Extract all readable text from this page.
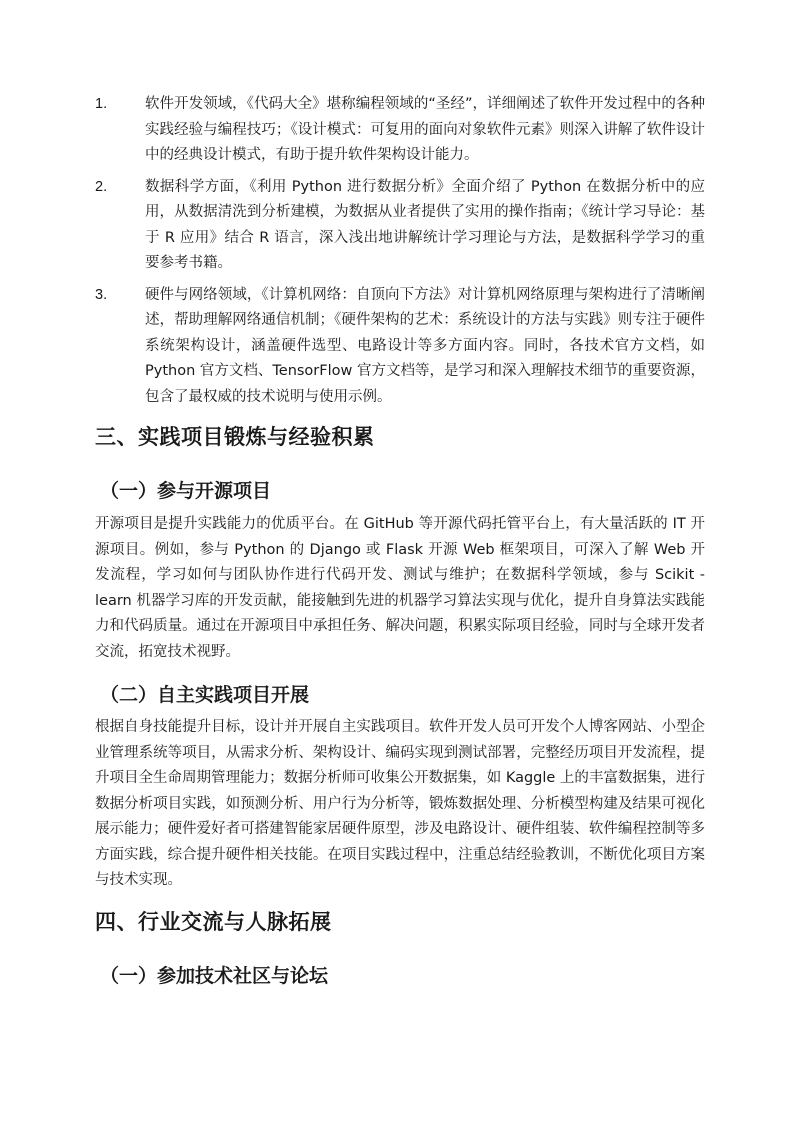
1.	软件开发领域，《代码大全》堪称编程领域的“圣经”，详细阐述了软件开发过程中的各种实践经验与编程技巧；《设计模式：可复用的面向对象软件元素》则深入讲解了软件设计中的经典设计模式，有助于提升软件架构设计能力。
2.	数据科学方面，《利用 Python 进行数据分析》全面介绍了 Python 在数据分析中的应用，从数据清洗到分析建模，为数据从业者提供了实用的操作指南；《统计学习导论：基于 R 应用》结合 R 语言，深入浅出地讲解统计学习理论与方法，是数据科学学习的重要参考书籍。
3.	硬件与网络领域，《计算机网络：自顶向下方法》对计算机网络原理与架构进行了清晰阐述，帮助理解网络通信机制；《硬件架构的艺术：系统设计的方法与实践》则专注于硬件系统架构设计，涵盖硬件选型、电路设计等多方面内容。同时，各技术官方文档，如 Python 官方文档、TensorFlow 官方文档等，是学习和深入理解技术细节的重要资源，包含了最权威的技术说明与使用示例。
三、实践项目锻炼与经验积累
（一）参与开源项目

开源项目是提升实践能力的优质平台。在 GitHub 等开源代码托管平台上，有大量活跃的 IT 开源项目。例如，参与 Python 的 Django 或 Flask 开源 Web 框架项目，可深入了解 Web 开发流程，学习如何与团队协作进行代码开发、测试与维护；在数据科学领域，参与 Scikit - learn 机器学习库的开发贡献，能接触到先进的机器学习算法实现与优化，提升自身算法实践能力和代码质量。通过在开源项目中承担任务、解决问题，积累实际项目经验，同时与全球开发者交流，拓宽技术视野。

（二）自主实践项目开展

根据自身技能提升目标，设计并开展自主实践项目。软件开发人员可开发个人博客网站、小型企业管理系统等项目，从需求分析、架构设计、编码实现到测试部署，完整经历项目开发流程，提升项目全生命周期管理能力；数据分析师可收集公开数据集，如 Kaggle 上的丰富数据集，进行数据分析项目实践，如预测分析、用户行为分析等，锻炼数据处理、分析模型构建及结果可视化展示能力；硬件爱好者可搭建智能家居硬件原型，涉及电路设计、硬件组装、软件编程控制等多方面实践，综合提升硬件相关技能。在项目实践过程中，注重总结经验教训，不断优化项目方案与技术实现。

四、行业交流与人脉拓展
（一）参加技术社区与论坛
